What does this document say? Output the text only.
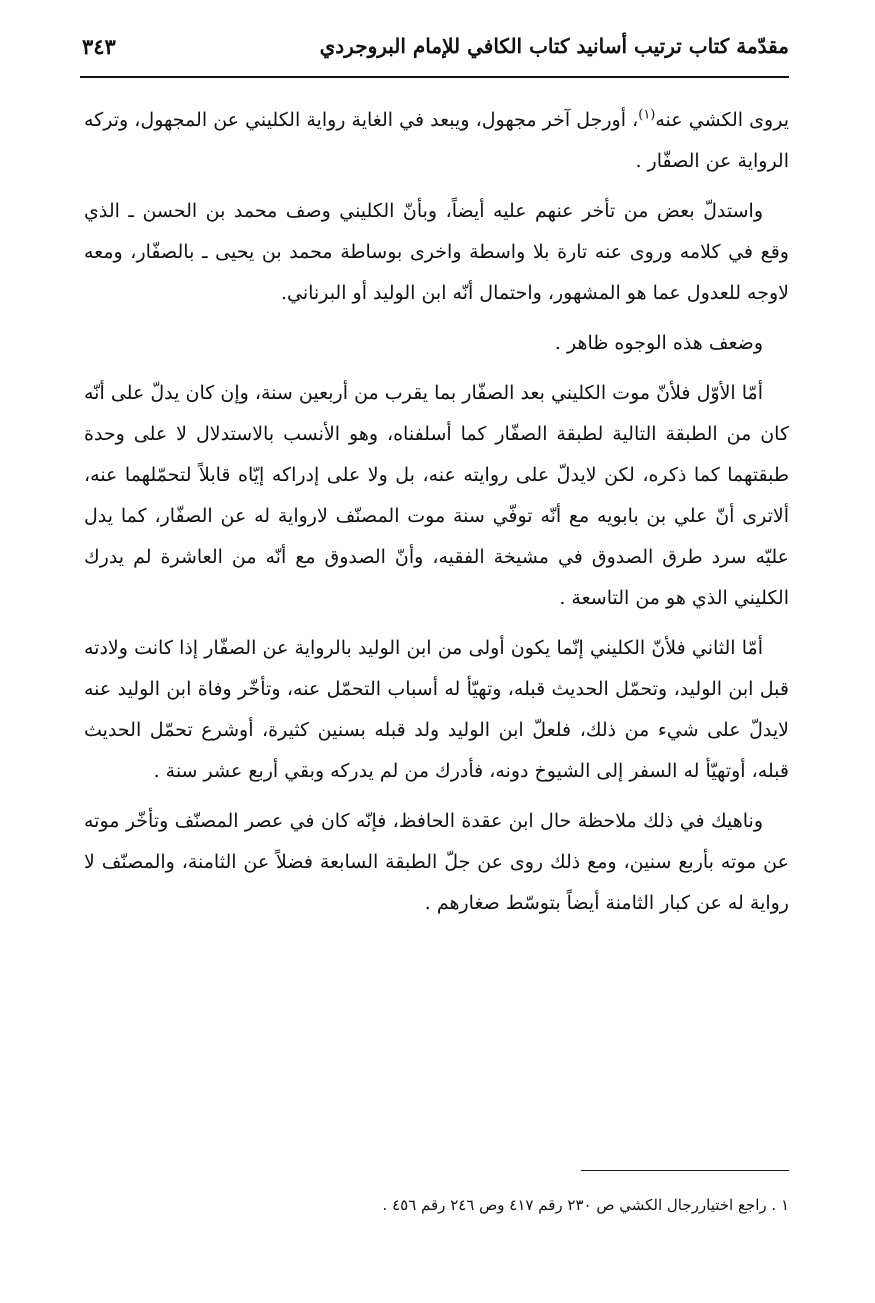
مقدّمة كتاب ترتيب أسانيد كتاب الكافي للإمام البروجردي
٣٤٣

يروى الكشي عنه$^{(١)}$، أورجل آخر مجهول، ويبعد في الغاية رواية الكليني عن المجهول، وتركه الرواية عن الصفّار .

واستدلّ بعض من تأخر عنهم عليه أيضاً، وبأنّ الكليني وصف محمد بن الحسن ـ الذي وقع في كلامه وروى عنه تارة بلا واسطة واخرى بوساطة محمد بن يحيى ـ بالصفّار، ومعه لاوجه للعدول عما هو المشهور، واحتمال أنّه ابن الوليد أو البرناني.

وضعف هذه الوجوه ظاهر .

أمّا الأوّل فلأنّ موت الكليني بعد الصفّار بما يقرب من أربعين سنة، وإن كان يدلّ على أنّه كان من الطبقة التالية لطبقة الصفّار كما أسلفناه، وهو الأنسب بالاستدلال لا على وحدة طبقتهما كما ذكره، لكن لايدلّ على روايته عنه، بل ولا على إدراكه إيّاه قابلاً لتحمّلهما عنه، ألاترى أنّ علي بن بابويه مع أنّه توفّي سنة موت المصنّف لارواية له عن الصفّار، كما يدل عليّه سرد طرق الصدوق في مشيخة الفقيه، وأنّ الصدوق مع أنّه من العاشرة لم يدرك الكليني الذي هو من التاسعة .

أمّا الثاني فلأنّ الكليني إنّما يكون أولى من ابن الوليد بالرواية عن الصفّار إذا كانت ولادته قبل ابن الوليد، وتحمّل الحديث قبله، وتهيّأ له أسباب التحمّل عنه، وتأخّر وفاة ابن الوليد عنه لايدلّ على شيء من ذلك، فلعلّ ابن الوليد ولد قبله بسنين كثيرة، أوشرع تحمّل الحديث قبله، أوتهيّأ له السفر إلى الشيوخ دونه، فأدرك من لم يدركه وبقي أربع عشر سنة .

وناهيك في ذلك ملاحظة حال ابن عقدة الحافظ، فإنّه كان في عصر المصنّف وتأخّر موته عن موته بأربع سنين، ومع ذلك روى عن جلّ الطبقة السابعة فضلاً عن الثامنة، والمصنّف لا رواية له عن كبار الثامنة أيضاً بتوسّط صغارهم .

١ . راجع اختياررجال الكشي ص ٢٣٠ رقم ٤١٧ وص ٢٤٦ رقم ٤٥٦ .
